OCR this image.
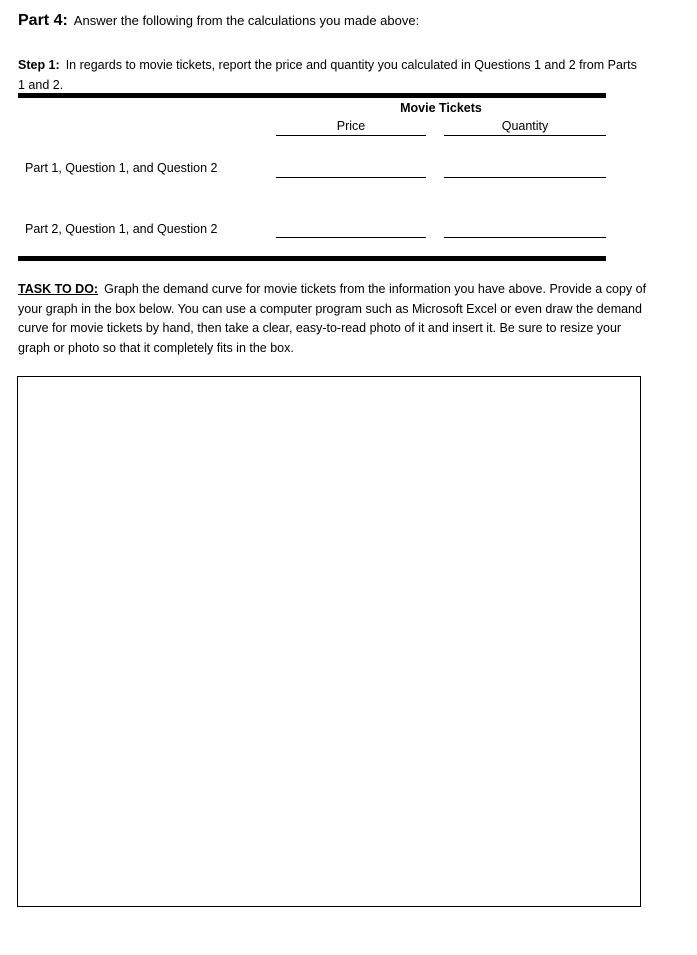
Part 4: Answer the following from the calculations you made above:
Step 1: In regards to movie tickets, report the price and quantity you calculated in Questions 1 and 2 from Parts 1 and 2.
Movie Tickets
Price	Quantity
Part 1, Question 1, and Question 2
Part 2, Question 1, and Question 2
TASK TO DO: Graph the demand curve for movie tickets from the information you have above. Provide a copy of your graph in the box below. You can use a computer program such as Microsoft Excel or even draw the demand curve for movie tickets by hand, then take a clear, easy-to-read photo of it and insert it. Be sure to resize your graph or photo so that it completely fits in the box.
